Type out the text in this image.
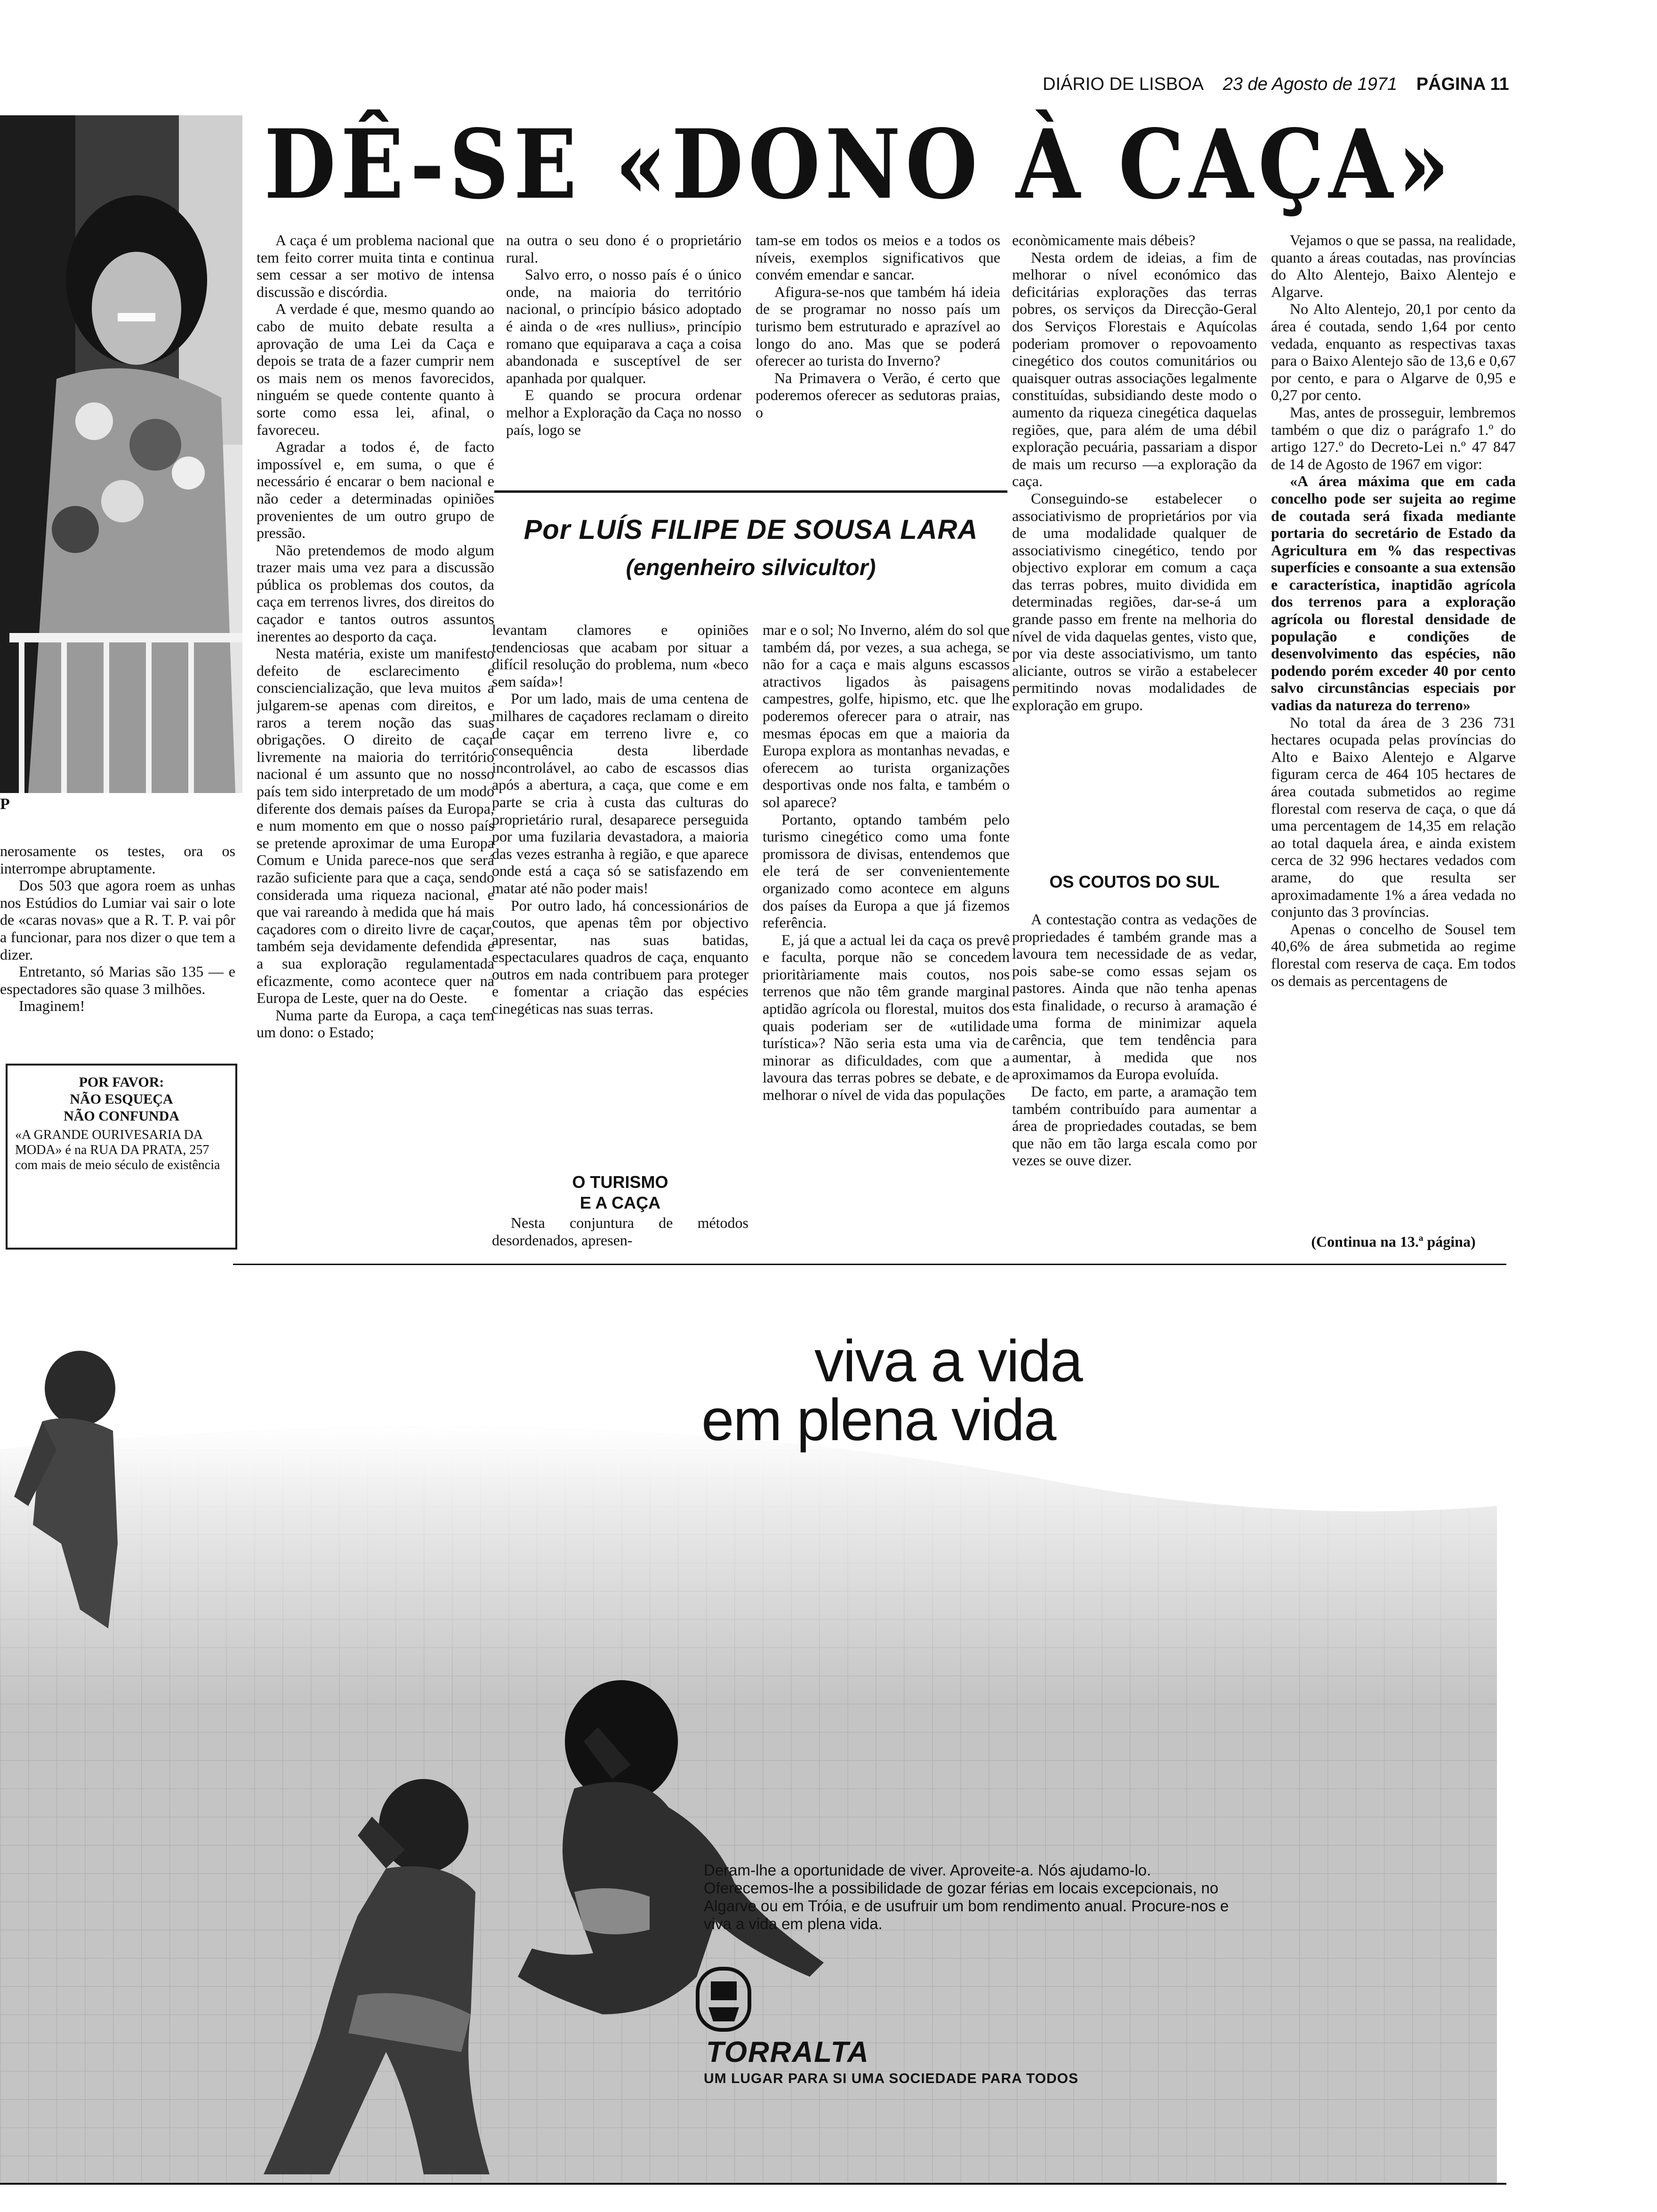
DIÁRIO DE LISBOA 23 de Agosto de 1971 PÁGINA 11
DÊ-SE «DONO À CAÇA»
P

nerosamente os testes, ora os interrompe abruptamente.

Dos 503 que agora roem as unhas nos Estúdios do Lumiar vai sair o lote de «caras novas» que a R. T. P. vai pôr a funcionar, para nos dizer o que tem a dizer.

Entretanto, só Marias são 135 — e espectadores são quase 3 milhões.

Imaginem!

POR FAVOR:
NÃO ESQUEÇA
NÃO CONFUNDA
«A GRANDE OURIVESARIA DA MODA» é na RUA DA PRATA, 257 com mais de meio século de existência

A caça é um problema nacional que tem feito correr muita tinta e continua sem cessar a ser motivo de intensa discussão e discórdia.

A verdade é que, mesmo quando ao cabo de muito debate resulta a aprovação de uma Lei da Caça e depois se trata de a fazer cumprir nem os mais nem os menos favorecidos, ninguém se quede contente quanto à sorte como essa lei, afinal, o favoreceu.

Agradar a todos é, de facto impossível e, em suma, o que é necessário é encarar o bem nacional e não ceder a determinadas opiniões provenientes de um outro grupo de pressão.

Não pretendemos de modo algum trazer mais uma vez para a discussão pública os problemas dos coutos, da caça em terrenos livres, dos direitos do caçador e tantos outros assuntos inerentes ao desporto da caça.

Nesta matéria, existe um manifesto defeito de esclarecimento e consciencialização, que leva muitos a julgarem-se apenas com direitos, e raros a terem noção das suas obrigações. O direito de caçar livremente na maioria do território nacional é um assunto que no nosso país tem sido interpretado de um modo diferente dos demais países da Europa, e num momento em que o nosso país se pretende aproximar de uma Europa Comum e Unida parece-nos que será razão suficiente para que a caça, sendo considerada uma riqueza nacional, e que vai rareando à medida que há mais caçadores com o direito livre de caçar, também seja devidamente defendida e a sua exploração regulamentada eficazmente, como acontece quer na Europa de Leste, quer na do Oeste.

Numa parte da Europa, a caça tem um dono: o Estado;

na outra o seu dono é o proprietário rural.

Salvo erro, o nosso país é o único onde, na maioria do território nacional, o princípio básico adoptado é ainda o de «res nullius», princípio romano que equiparava a caça a coisa abandonada e susceptível de ser apanhada por qualquer.

E quando se procura ordenar melhor a Exploração da Caça no nosso país, logo se

tam-se em todos os meios e a todos os níveis, exemplos significativos que convém emendar e sancar.

Afigura-se-nos que também há ideia de se programar no nosso país um turismo bem estruturado e aprazível ao longo do ano. Mas que se poderá oferecer ao turista do Inverno?

Na Primavera o Verão, é certo que poderemos oferecer as sedutoras praias, o

Por LUÍS FILIPE DE SOUSA LARA
(engenheiro silvicultor)

levantam clamores e opiniões tendenciosas que acabam por situar a difícil resolução do problema, num «beco sem saída»!

Por um lado, mais de uma centena de milhares de caçadores reclamam o direito de caçar em terreno livre e, co consequência desta liberdade incontrolável, ao cabo de escassos dias após a abertura, a caça, que come e em parte se cria à custa das culturas do proprietário rural, desaparece perseguida por uma fuzilaria devastadora, a maioria das vezes estranha à região, e que aparece onde está a caça só se satisfazendo em matar até não poder mais!

Por outro lado, há concessionários de coutos, que apenas têm por objectivo apresentar, nas suas batidas, espectaculares quadros de caça, enquanto outros em nada contribuem para proteger e fomentar a criação das espécies cinegéticas nas suas terras.

O TURISMO
E A CAÇA

Nesta conjuntura de métodos desordenados, apresen-

mar e o sol; No Inverno, além do sol que também dá, por vezes, a sua achega, se não for a caça e mais alguns escassos atractivos ligados às paisagens campestres, golfe, hipismo, etc. que lhe poderemos oferecer para o atrair, nas mesmas épocas em que a maioria da Europa explora as montanhas nevadas, e oferecem ao turista organizações desportivas onde nos falta, e também o sol aparece?

Portanto, optando também pelo turismo cinegético como uma fonte promissora de divisas, entendemos que ele terá de ser convenientemente organizado como acontece em alguns dos países da Europa a que já fizemos referência.

E, já que a actual lei da caça os prevê e faculta, porque não se concedem prioritàriamente mais coutos, nos terrenos que não têm grande marginal aptidão agrícola ou florestal, muitos dos quais poderiam ser de «utilidade turística»? Não seria esta uma via de minorar as dificuldades, com que a lavoura das terras pobres se debate, e de melhorar o nível de vida das populações

econòmicamente mais débeis?

Nesta ordem de ideias, a fim de melhorar o nível económico das deficitárias explorações das terras pobres, os serviços da Direcção-Geral dos Serviços Florestais e Aquícolas poderiam promover o repovoamento cinegético dos coutos comunitários ou quaisquer outras associações legalmente constituídas, subsidiando deste modo o aumento da riqueza cinegética daquelas regiões, que, para além de uma débil exploração pecuária, passariam a dispor de mais um recurso —a exploração da caça.

Conseguindo-se estabelecer o associativismo de proprietários por via de uma modalidade qualquer de associativismo cinegético, tendo por objectivo explorar em comum a caça das terras pobres, muito dividida em determinadas regiões, dar-se-á um grande passo em frente na melhoria do nível de vida daquelas gentes, visto que, por via deste associativismo, um tanto aliciante, outros se virão a estabelecer permitindo novas modalidades de exploração em grupo.

OS COUTOS DO SUL

A contestação contra as vedações de propriedades é também grande mas a lavoura tem necessidade de as vedar, pois sabe-se como essas sejam os pastores. Ainda que não tenha apenas esta finalidade, o recurso à aramação é uma forma de minimizar aquela carência, que tem tendência para aumentar, à medida que nos aproximamos da Europa evoluída.

De facto, em parte, a aramação tem também contribuído para aumentar a área de propriedades coutadas, se bem que não em tão larga escala como por vezes se ouve dizer.

Vejamos o que se passa, na realidade, quanto a áreas coutadas, nas províncias do Alto Alentejo, Baixo Alentejo e Algarve.

No Alto Alentejo, 20,1 por cento da área é coutada, sendo 1,64 por cento vedada, enquanto as respectivas taxas para o Baixo Alentejo são de 13,6 e 0,67 por cento, e para o Algarve de 0,95 e 0,27 por cento.

Mas, antes de prosseguir, lembremos também o que diz o parágrafo 1.º do artigo 127.º do Decreto-Lei n.º 47 847 de 14 de Agosto de 1967 em vigor:

«A área máxima que em cada concelho pode ser sujeita ao regime de coutada será fixada mediante portaria do secretário de Estado da Agricultura em % das respectivas superfícies e consoante a sua extensão e característica, inaptidão agrícola dos terrenos para a exploração agrícola ou florestal densidade de população e condições de desenvolvimento das espécies, não podendo porém exceder 40 por cento salvo circunstâncias especiais por vadias da natureza do terreno»

No total da área de 3 236 731 hectares ocupada pelas províncias do Alto e Baixo Alentejo e Algarve figuram cerca de 464 105 hectares de área coutada submetidos ao regime florestal com reserva de caça, o que dá uma percentagem de 14,35 em relação ao total daquela área, e ainda existem cerca de 32 996 hectares vedados com arame, do que resulta ser aproximadamente 1% a área vedada no conjunto das 3 províncias.

Apenas o concelho de Sousel tem 40,6% de área submetida ao regime florestal com reserva de caça. Em todos os demais as percentagens de

(Continua na 13.ª página)
viva a vida
em plena vida
Deram-lhe a oportunidade de viver. Aproveite-a. Nós ajudamo-lo. Oferecemos-lhe a possibilidade de gozar férias em locais excepcionais, no Algarve ou em Tróia, e de usufruir um bom rendimento anual. Procure-nos e viva a vida em plena vida.
TORRALTA
UM LUGAR PARA SI UMA SOCIEDADE PARA TODOS
